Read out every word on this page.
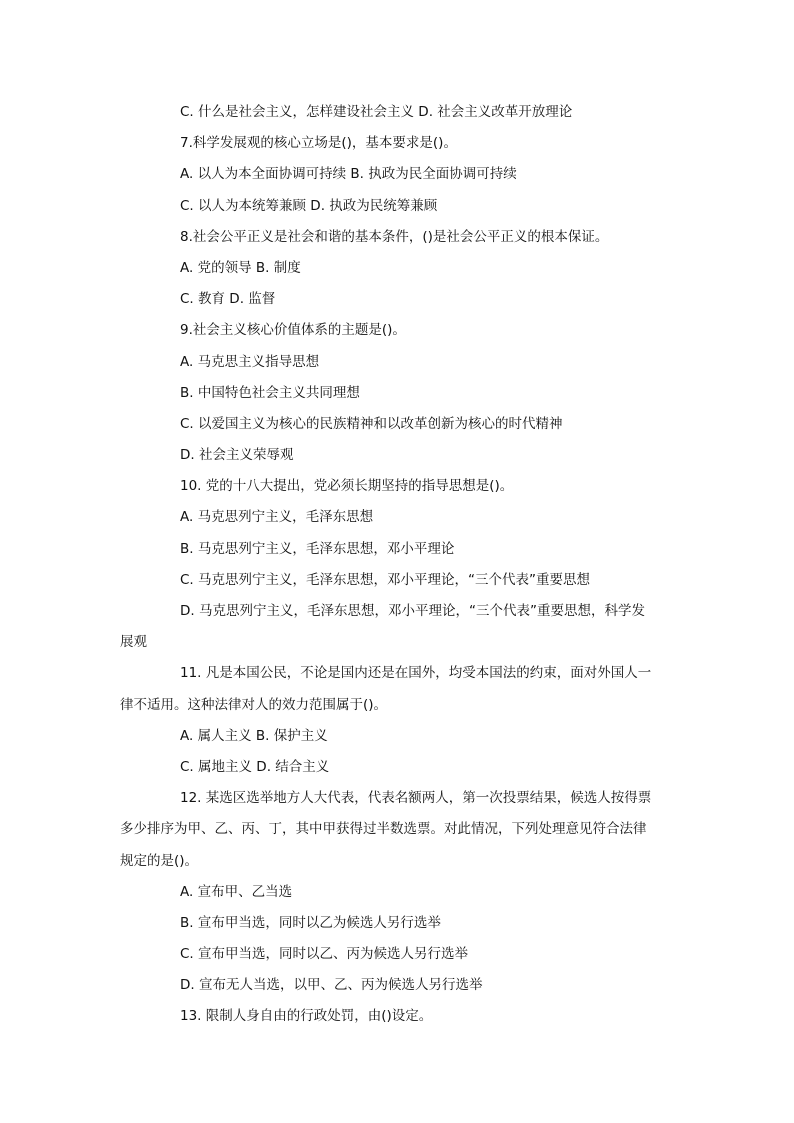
C. 什么是社会主义，怎样建设社会主义 D. 社会主义改革开放理论
7.科学发展观的核心立场是()，基本要求是()。
A. 以人为本全面协调可持续 B. 执政为民全面协调可持续
C. 以人为本统筹兼顾 D. 执政为民统筹兼顾
8.社会公平正义是社会和谐的基本条件，()是社会公平正义的根本保证。
A. 党的领导 B. 制度
C. 教育 D. 监督
9.社会主义核心价值体系的主题是()。
A. 马克思主义指导思想
B. 中国特色社会主义共同理想
C. 以爱国主义为核心的民族精神和以改革创新为核心的时代精神
D. 社会主义荣辱观
10. 党的十八大提出，党必须长期坚持的指导思想是()。
A. 马克思列宁主义，毛泽东思想
B. 马克思列宁主义，毛泽东思想，邓小平理论
C. 马克思列宁主义，毛泽东思想，邓小平理论，“三个代表”重要思想
D. 马克思列宁主义，毛泽东思想，邓小平理论，“三个代表”重要思想，科学发
展观
11. 凡是本国公民，不论是国内还是在国外，均受本国法的约束，面对外国人一
律不适用。这种法律对人的效力范围属于()。
A. 属人主义 B. 保护主义
C. 属地主义 D. 结合主义
12. 某选区选举地方人大代表，代表名额两人，第一次投票结果，候选人按得票
多少排序为甲、乙、丙、丁，其中甲获得过半数选票。对此情况，下列处理意见符合法律
规定的是()。
A. 宣布甲、乙当选
B. 宣布甲当选，同时以乙为候选人另行选举
C. 宣布甲当选，同时以乙、丙为候选人另行选举
D. 宣布无人当选，以甲、乙、丙为候选人另行选举
13. 限制人身自由的行政处罚，由()设定。
